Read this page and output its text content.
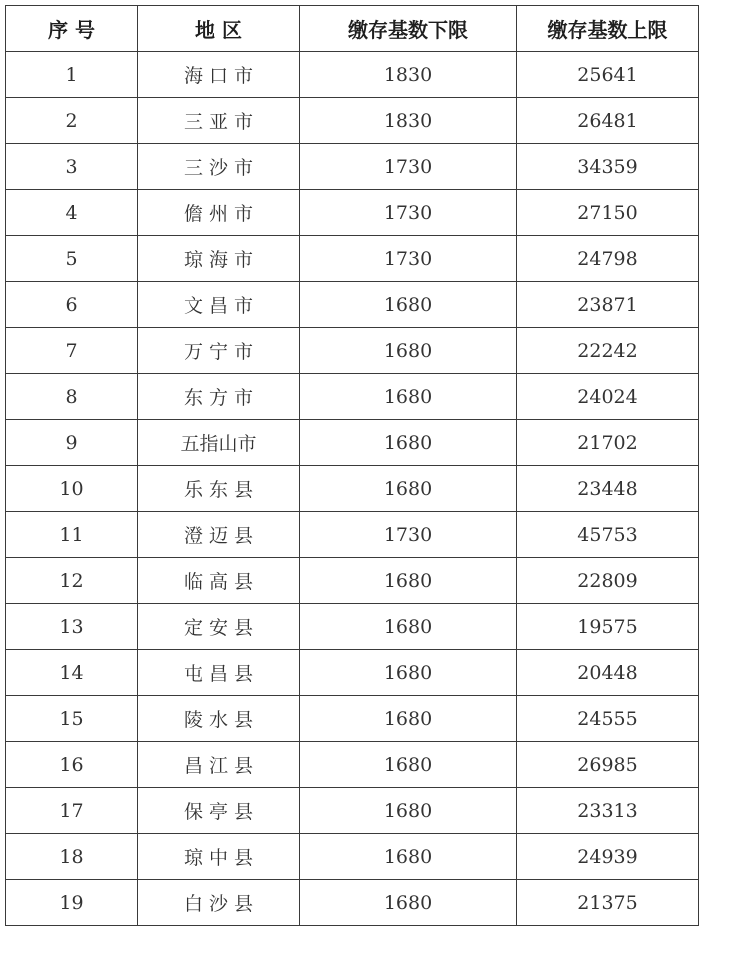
序 号	地 区	缴存基数下限	缴存基数上限
1	海 口 市	1830	25641
2	三 亚 市	1830	26481
3	三 沙 市	1730	34359
4	儋 州 市	1730	27150
5	琼 海 市	1730	24798
6	文 昌 市	1680	23871
7	万 宁 市	1680	22242
8	东 方 市	1680	24024
9	五指山市	1680	21702
10	乐 东 县	1680	23448
11	澄 迈 县	1730	45753
12	临 高 县	1680	22809
13	定 安 县	1680	19575
14	屯 昌 县	1680	20448
15	陵 水 县	1680	24555
16	昌 江 县	1680	26985
17	保 亭 县	1680	23313
18	琼 中 县	1680	24939
19	白 沙 县	1680	21375
